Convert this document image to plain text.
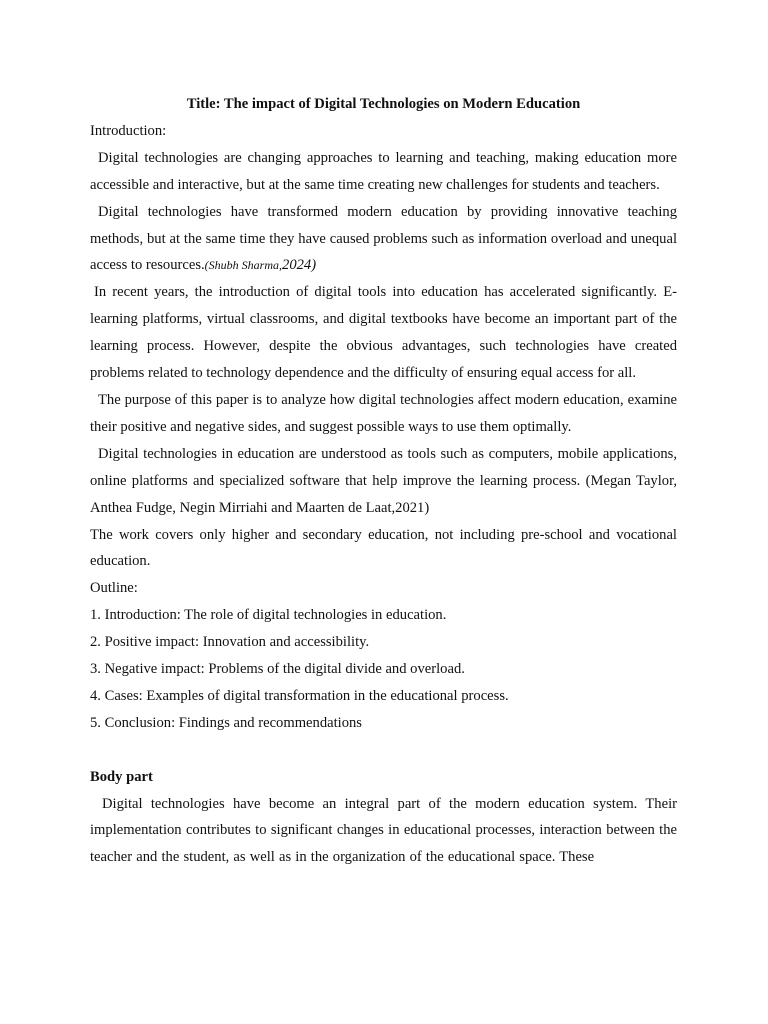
Title: The impact of Digital Technologies on Modern Education

Introduction:

Digital technologies are changing approaches to learning and teaching, making education more accessible and interactive, but at the same time creating new challenges for students and teachers.

Digital technologies have transformed modern education by providing innovative teaching methods, but at the same time they have caused problems such as information overload and unequal access to resources.(Shubh Sharma,2024)

In recent years, the introduction of digital tools into education has accelerated significantly. E-learning platforms, virtual classrooms, and digital textbooks have become an important part of the learning process. However, despite the obvious advantages, such technologies have created problems related to technology dependence and the difficulty of ensuring equal access for all.

The purpose of this paper is to analyze how digital technologies affect modern education, examine their positive and negative sides, and suggest possible ways to use them optimally.

Digital technologies in education are understood as tools such as computers, mobile applications, online platforms and specialized software that help improve the learning process. (Megan Taylor, Anthea Fudge, Negin Mirriahi and Maarten de Laat,2021)

The work covers only higher and secondary education, not including pre-school and vocational education.

Outline:

1. Introduction: The role of digital technologies in education.
2. Positive impact: Innovation and accessibility.
3. Negative impact: Problems of the digital divide and overload.
4. Cases: Examples of digital transformation in the educational process.
5. Conclusion: Findings and recommendations

Body part

Digital technologies have become an integral part of the modern education system. Their implementation contributes to significant changes in educational processes, interaction between the teacher and the student, as well as in the organization of the educational space. These
